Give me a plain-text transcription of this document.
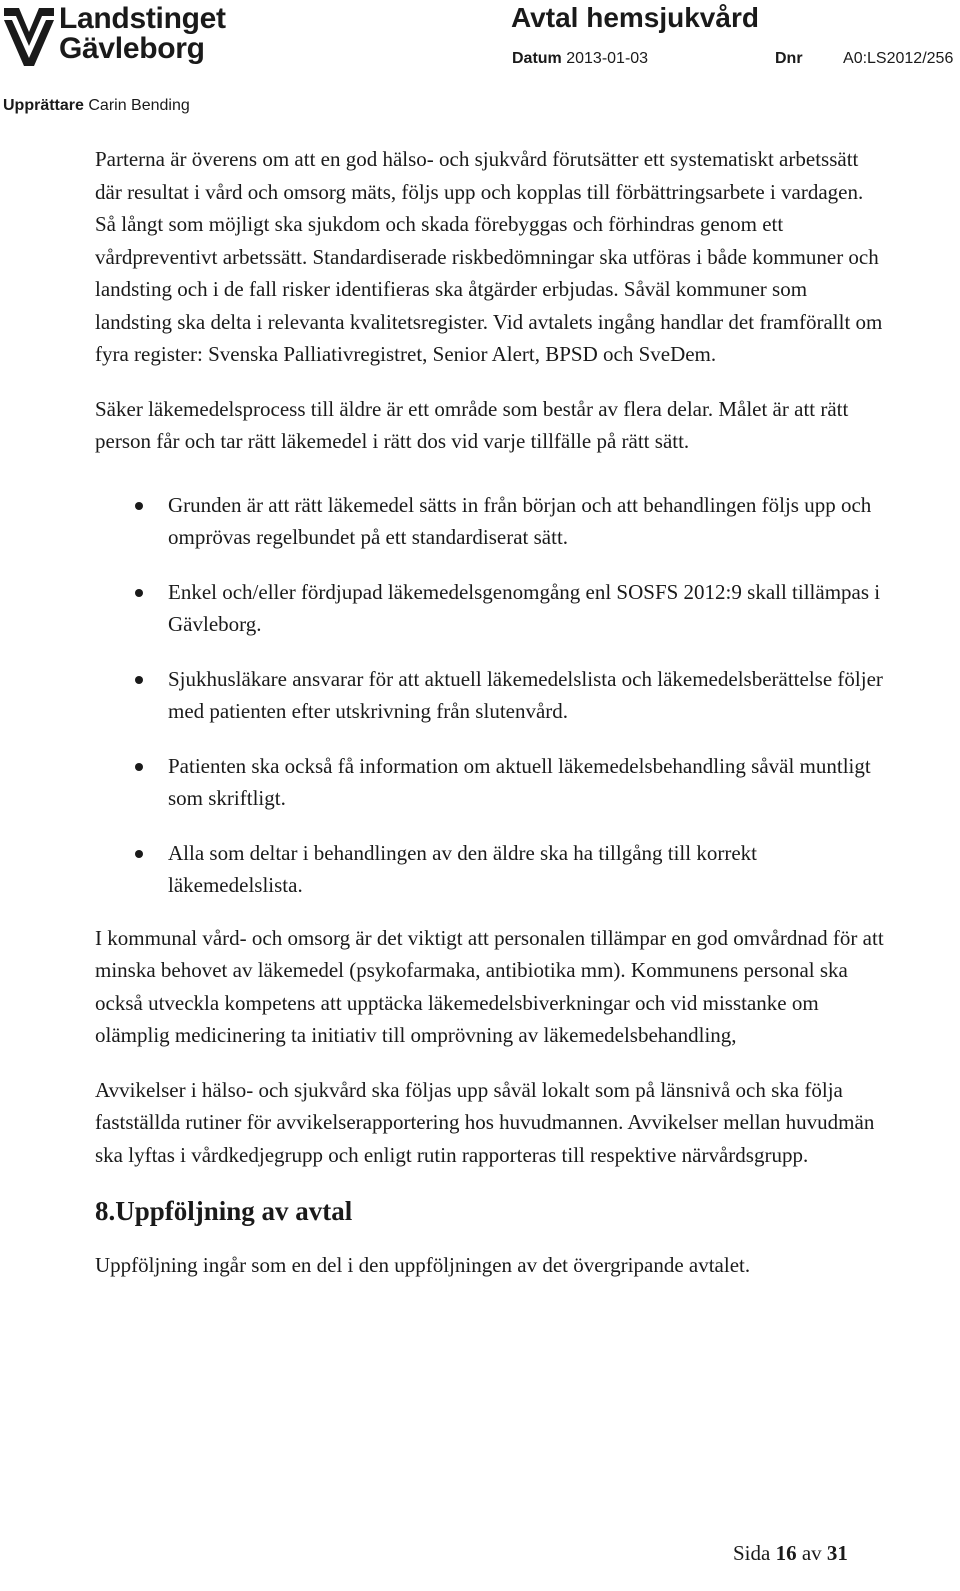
Landstinget
Gävleborg
Avtal hemsjukvård
Datum 2013-01-03	Dnr	A0:LS2012/256
Upprättare Carin Bending

Parterna är överens om att en god hälso- och sjukvård förutsätter ett systematiskt arbetssätt där resultat i vård och omsorg mäts, följs upp och kopplas till förbättringsarbete i vardagen. Så långt som möjligt ska sjukdom och skada förebyggas och förhindras genom ett vårdpreventivt arbetssätt. Standardiserade riskbedömningar ska utföras i både kommuner och landsting och i de fall risker identifieras ska åtgärder erbjudas. Såväl kommuner som landsting ska delta i relevanta kvalitetsregister. Vid avtalets ingång handlar det framförallt om fyra register: Svenska Palliativregistret, Senior Alert, BPSD och SveDem.

Säker läkemedelsprocess till äldre är ett område som består av flera delar. Målet är att rätt person får och tar rätt läkemedel i rätt dos vid varje tillfälle på rätt sätt.

Grunden är att rätt läkemedel sätts in från början och att behandlingen följs upp och omprövas regelbundet på ett standardiserat sätt.
Enkel och/eller fördjupad läkemedelsgenomgång enl SOSFS 2012:9 skall tillämpas i Gävleborg.
Sjukhusläkare ansvarar för att aktuell läkemedelslista och läkemedelsberättelse följer med patienten efter utskrivning från slutenvård.
Patienten ska också få information om aktuell läkemedelsbehandling såväl muntligt som skriftligt.
Alla som deltar i behandlingen av den äldre ska ha tillgång till korrekt läkemedelslista.

I kommunal vård- och omsorg är det viktigt att personalen tillämpar en god omvårdnad för att minska behovet av läkemedel (psykofarmaka, antibiotika mm). Kommunens personal ska också utveckla kompetens att upptäcka läkemedelsbiverkningar och vid misstanke om olämplig medicinering ta initiativ till omprövning av läkemedelsbehandling,

Avvikelser i hälso- och sjukvård ska följas upp såväl lokalt som på länsnivå och ska följa fastställda rutiner för avvikelserapportering hos huvudmannen. Avvikelser mellan huvudmän ska lyftas i vårdkedjegrupp och enligt rutin rapporteras till respektive närvårdsgrupp.

8.Uppföljning av avtal

Uppföljning ingår som en del i den uppföljningen av det övergripande avtalet.

Sida 16 av 31
